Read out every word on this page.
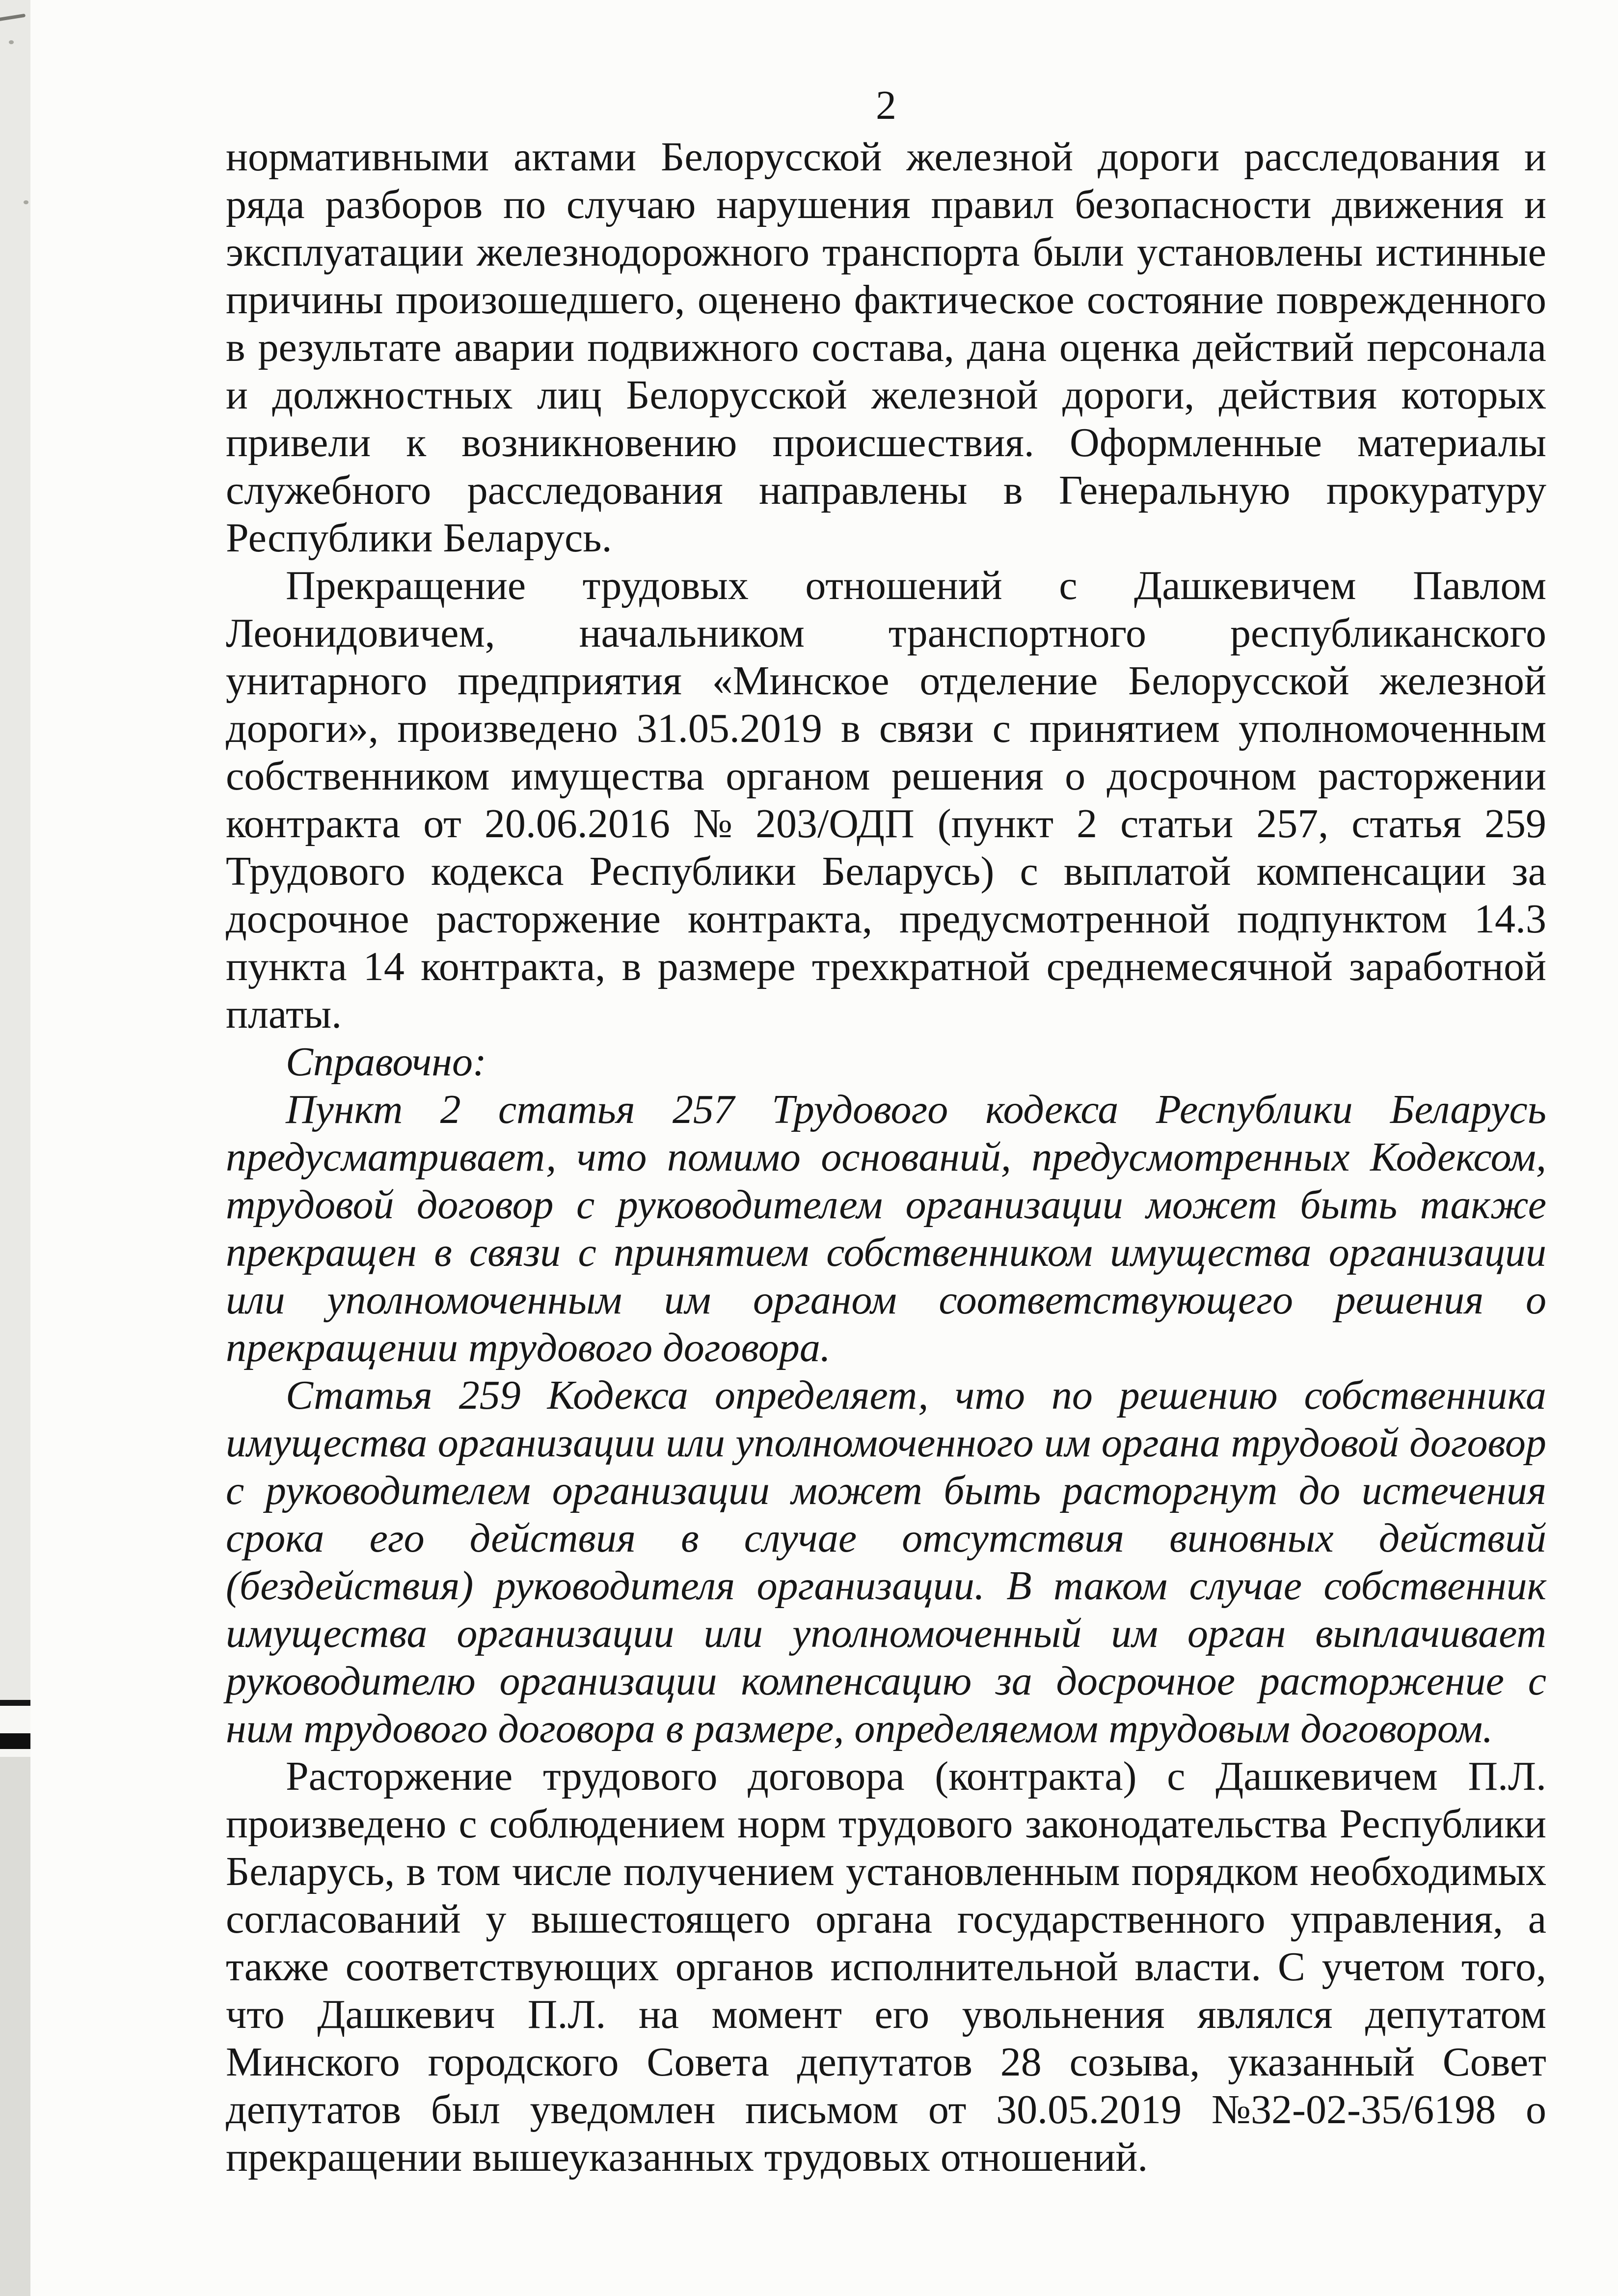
2
нормативными актами Белорусской железной дороги расследования и
ряда разборов по случаю нарушения правил безопасности движения и
эксплуатации железнодорожного транспорта были установлены истинные
причины произошедшего, оценено фактическое состояние поврежденного
в результате аварии подвижного состава, дана оценка действий персонала
и должностных лиц Белорусской железной дороги, действия которых
привели к возникновению происшествия. Оформленные материалы
служебного расследования направлены в Генеральную прокуратуру
Республики Беларусь.
Прекращение трудовых отношений с Дашкевичем Павлом
Леонидовичем, начальником транспортного республиканского
унитарного предприятия «Минское отделение Белорусской железной
дороги», произведено 31.05.2019 в связи с принятием уполномоченным
собственником имущества органом решения о досрочном расторжении
контракта от 20.06.2016 № 203/ОДП (пункт 2 статьи 257, статья 259
Трудового кодекса Республики Беларусь) с выплатой компенсации за
досрочное расторжение контракта, предусмотренной подпунктом 14.3
пункта 14 контракта, в размере трехкратной среднемесячной заработной
платы.
Справочно:
Пункт 2 статья 257 Трудового кодекса Республики Беларусь
предусматривает, что помимо оснований, предусмотренных Кодексом,
трудовой договор с руководителем организации может быть также
прекращен в связи с принятием собственником имущества организации
или уполномоченным им органом соответствующего решения о
прекращении трудового договора.
Статья 259 Кодекса определяет, что по решению собственника
имущества организации или уполномоченного им органа трудовой договор
с руководителем организации может быть расторгнут до истечения
срока его действия в случае отсутствия виновных действий
(бездействия) руководителя организации. В таком случае собственник
имущества организации или уполномоченный им орган выплачивает
руководителю организации компенсацию за досрочное расторжение с
ним трудового договора в размере, определяемом трудовым договором.
Расторжение трудового договора (контракта) с Дашкевичем П.Л.
произведено с соблюдением норм трудового законодательства Республики
Беларусь, в том числе получением установленным порядком необходимых
согласований у вышестоящего органа государственного управления, а
также соответствующих органов исполнительной власти. С учетом того,
что Дашкевич П.Л. на момент его увольнения являлся депутатом
Минского городского Совета депутатов 28 созыва, указанный Совет
депутатов был уведомлен письмом от 30.05.2019 №32-02-35/6198 о
прекращении вышеуказанных трудовых отношений.
